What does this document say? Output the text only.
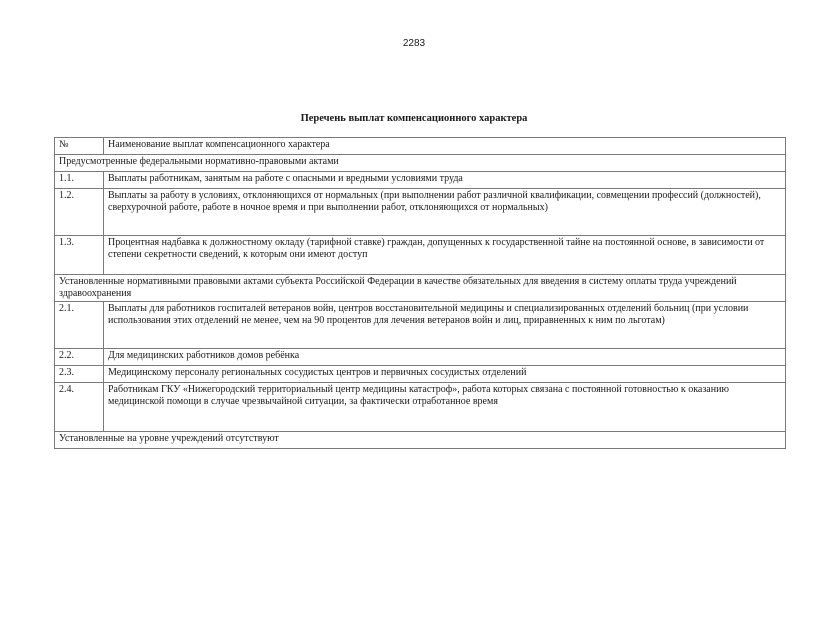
2283
Перечень выплат компенсационного характера
№	Наименование выплат компенсационного характера
Предусмотренные федеральными нормативно-правовыми актами	
1.1.	Выплаты работникам, занятым на работе с опасными и вредными условиями труда
1.2.	Выплаты за работу в условиях, отклоняющихся от нормальных (при выполнении работ различной квалификации, совмещении профессий (должностей), сверхурочной работе, работе в ночное время и при выполнении работ, отклоняющихся от нормальных)
1.3.	Процентная надбавка к должностному окладу (тарифной ставке) граждан, допущенных к государственной тайне на постоянной основе, в зависимости от степени секретности сведений, к которым они имеют доступ
Установленные нормативными правовыми актами субъекта Российской Федерации в качестве обязательных для введения в систему оплаты труда учреждений здравоохранения	
2.1.	Выплаты для работников госпиталей ветеранов войн, центров восстановительной медицины и специализированных отделений больниц (при условии использования этих отделений не менее, чем на 90 процентов для лечения ветеранов войн и лиц, приравненных к ним по льготам)
2.2.	Для медицинских работников домов ребёнка
2.3.	Медицинскому персоналу региональных сосудистых центров и первичных сосудистых отделений
2.4.	Работникам ГКУ «Нижегородский территориальный центр медицины катастроф», работа которых связана с постоянной готовностью к оказанию медицинской помощи в случае чрезвычайной ситуации, за фактически отработанное время
Установленные на уровне учреждений отсутствуют	
